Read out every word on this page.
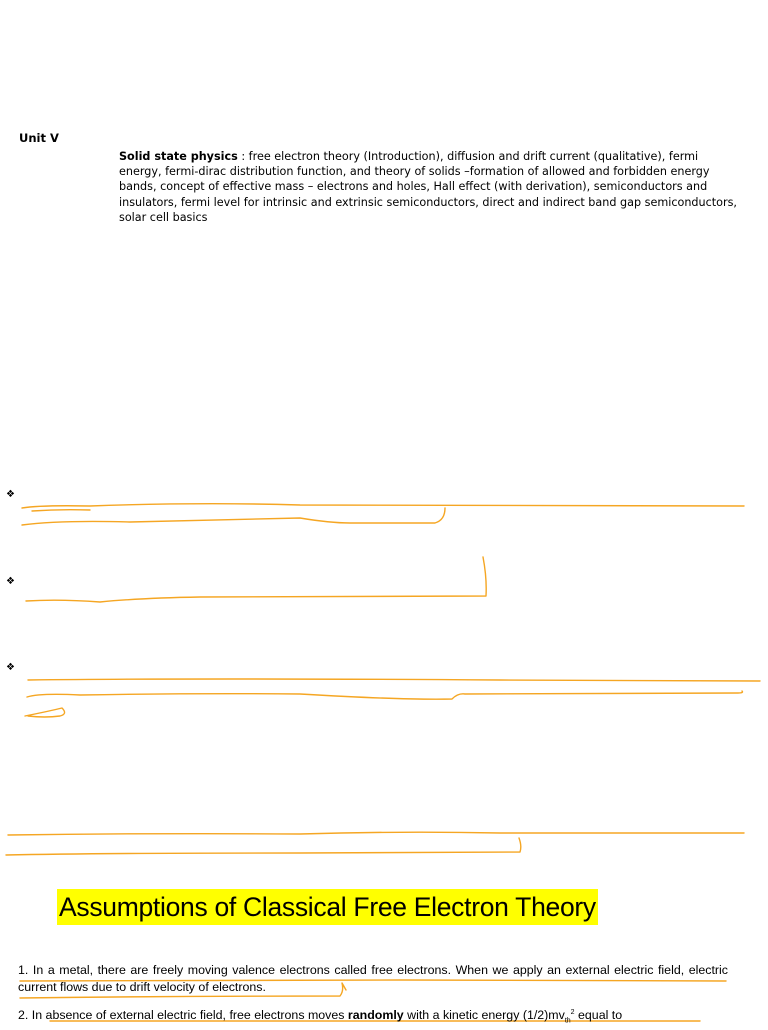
Unit V
Solid state physics : free electron theory (Introduction), diffusion and drift current (qualitative), fermi energy, fermi-dirac distribution function, and theory of solids –formation of allowed and forbidden energy bands, concept of effective mass – electrons and holes, Hall effect (with derivation), semiconductors and insulators, fermi level for intrinsic and extrinsic semiconductors, direct and indirect band gap semiconductors, solar cell basics
❖
❖
❖
Assumptions of Classical Free Electron Theory

1. In a metal, there are freely moving valence electrons called free electrons. When we apply an external electric field, electric current flows due to drift velocity of electrons.

2. In absence of external electric field, free electrons moves randomly with a kinetic energy $(1/2)mv_{th}^2$ equal to
